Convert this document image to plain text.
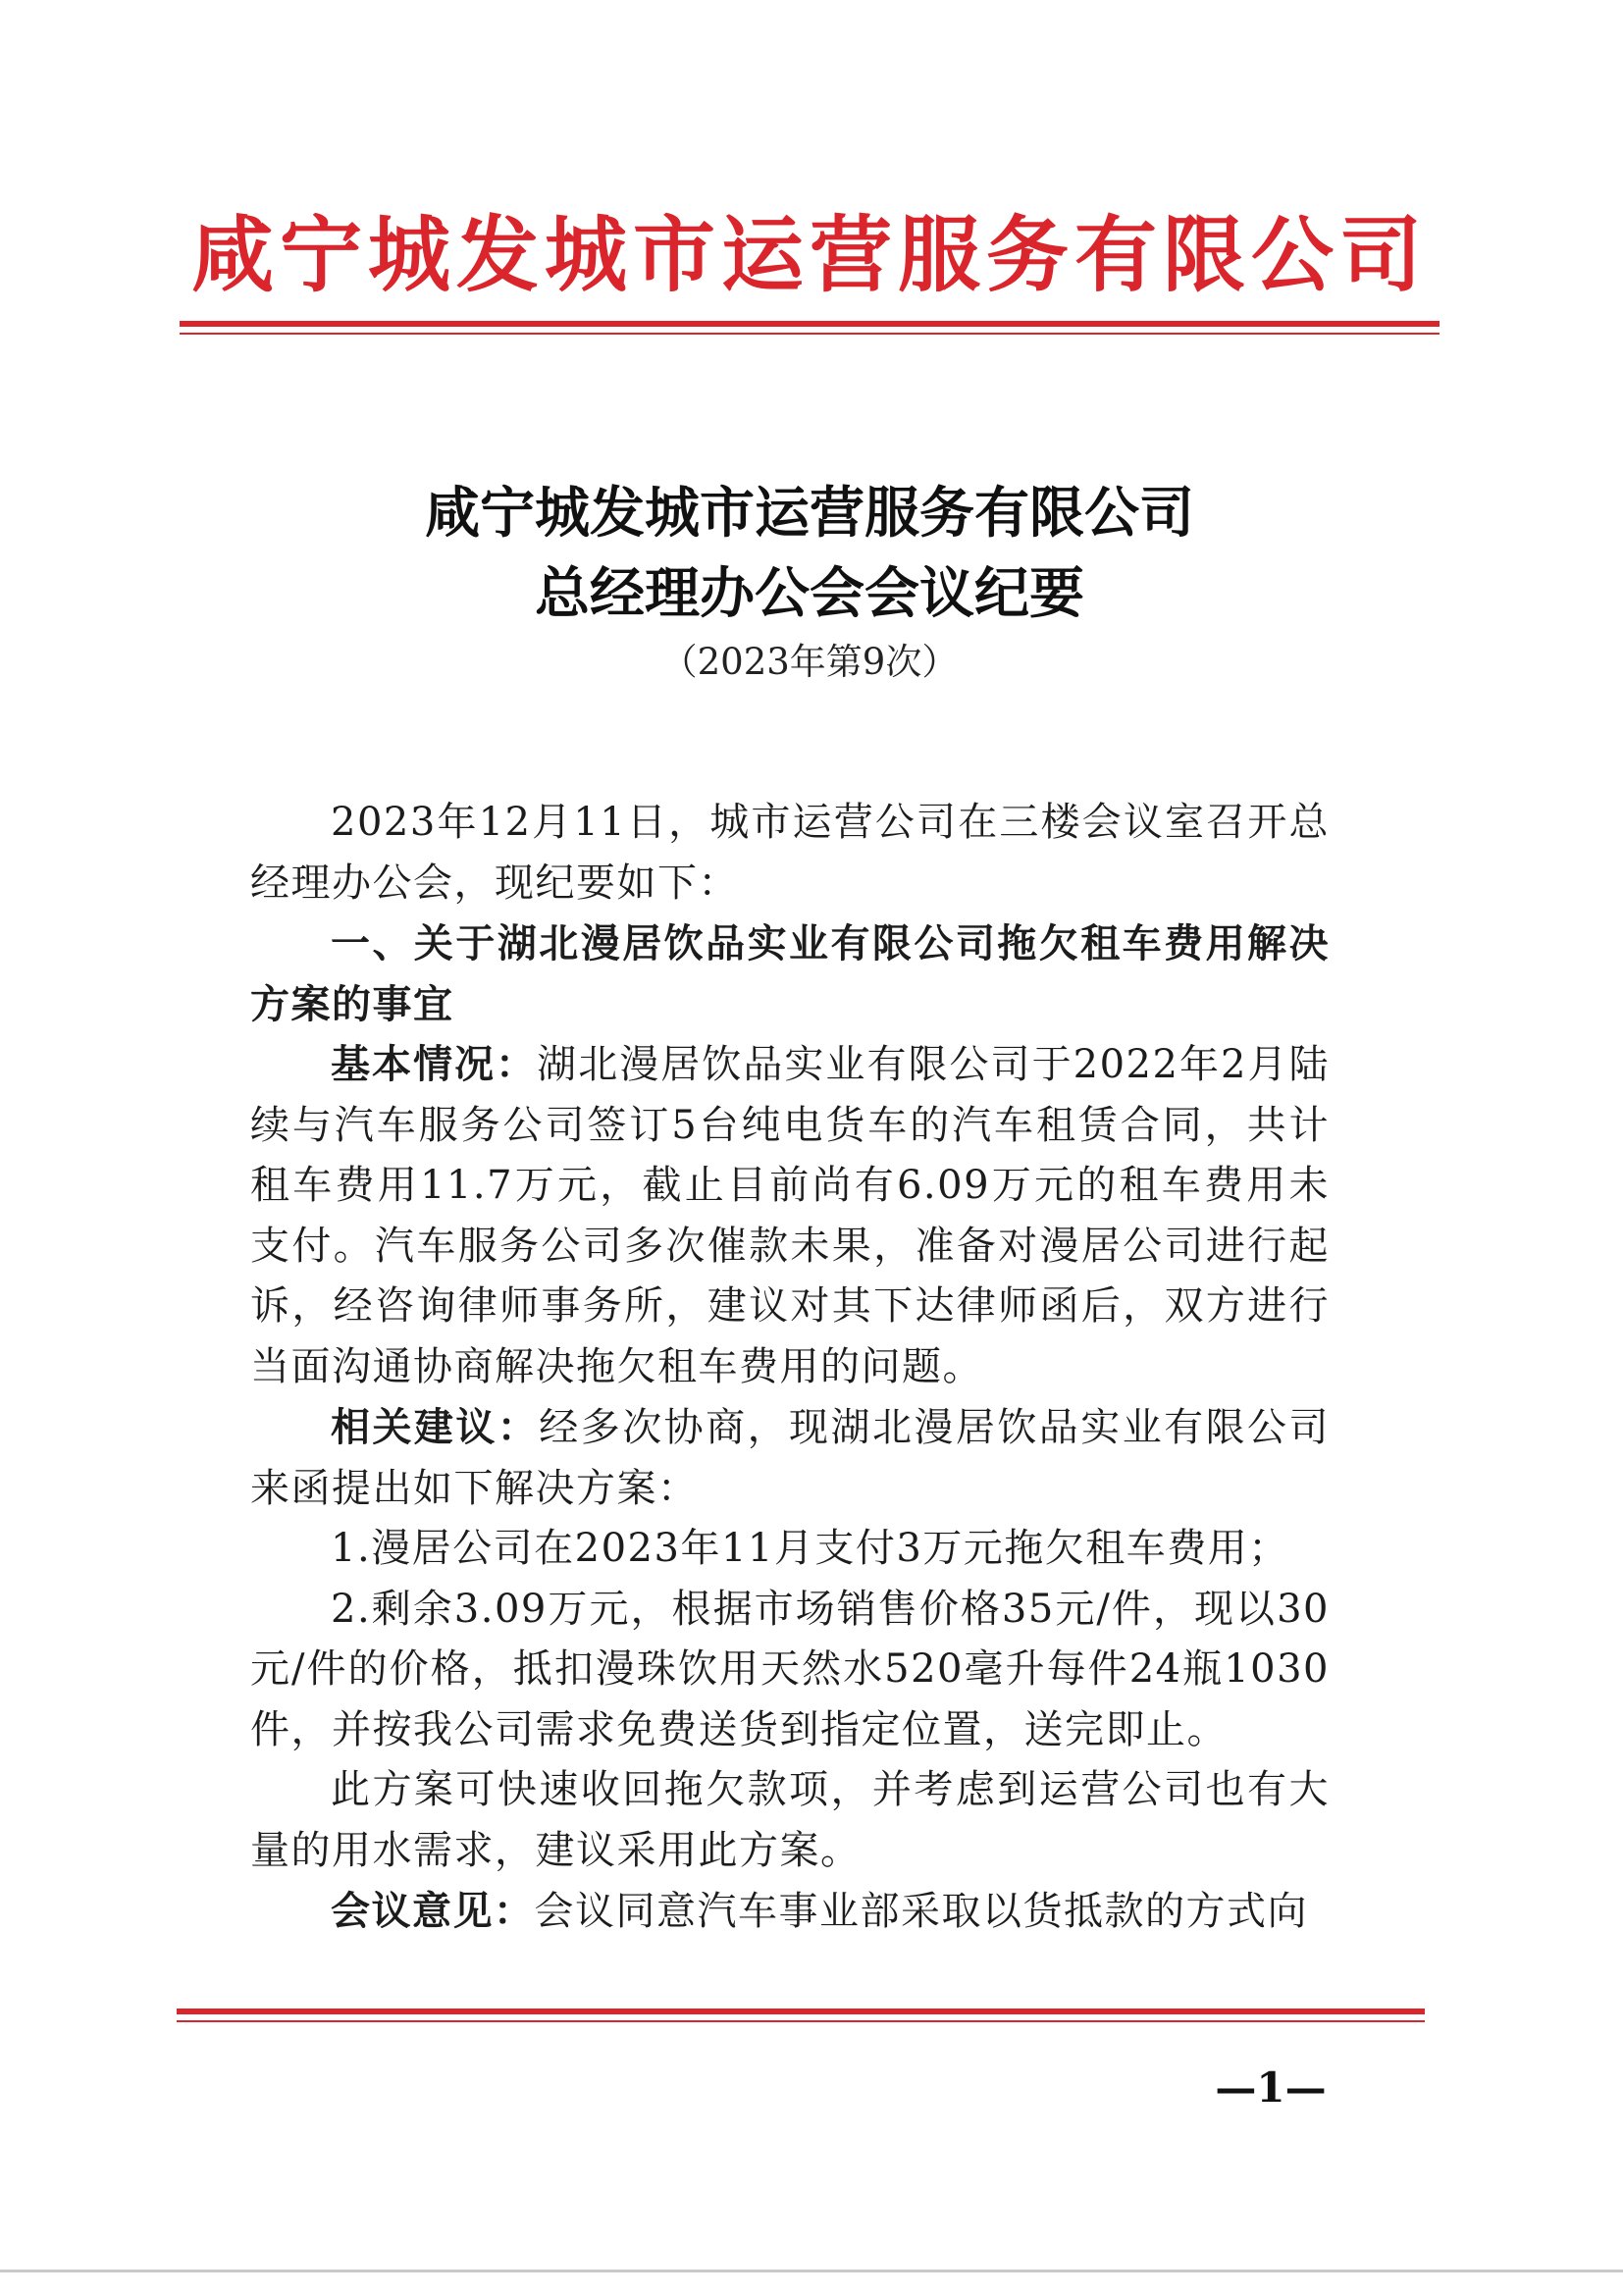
咸宁城发城市运营服务有限公司
咸宁城发城市运营服务有限公司
总经理办公会会议纪要
（2023年第9次）

2023年12月11日，城市运营公司在三楼会议室召开总经理办公会，现纪要如下：

一、关于湖北漫居饮品实业有限公司拖欠租车费用解决方案的事宜

基本情况：湖北漫居饮品实业有限公司于2022年2月陆续与汽车服务公司签订5台纯电货车的汽车租赁合同，共计租车费用11.7万元，截止目前尚有6.09万元的租车费用未支付。汽车服务公司多次催款未果，准备对漫居公司进行起诉，经咨询律师事务所，建议对其下达律师函后，双方进行当面沟通协商解决拖欠租车费用的问题。

相关建议：经多次协商，现湖北漫居饮品实业有限公司来函提出如下解决方案：

1.漫居公司在2023年11月支付3万元拖欠租车费用；

2.剩余3.09万元，根据市场销售价格35元/件，现以30元/件的价格，抵扣漫珠饮用天然水520毫升每件24瓶1030件，并按我公司需求免费送货到指定位置，送完即止。

此方案可快速收回拖欠款项，并考虑到运营公司也有大量的用水需求，建议采用此方案。

会议意见：会议同意汽车事业部采取以货抵款的方式向

—1—
